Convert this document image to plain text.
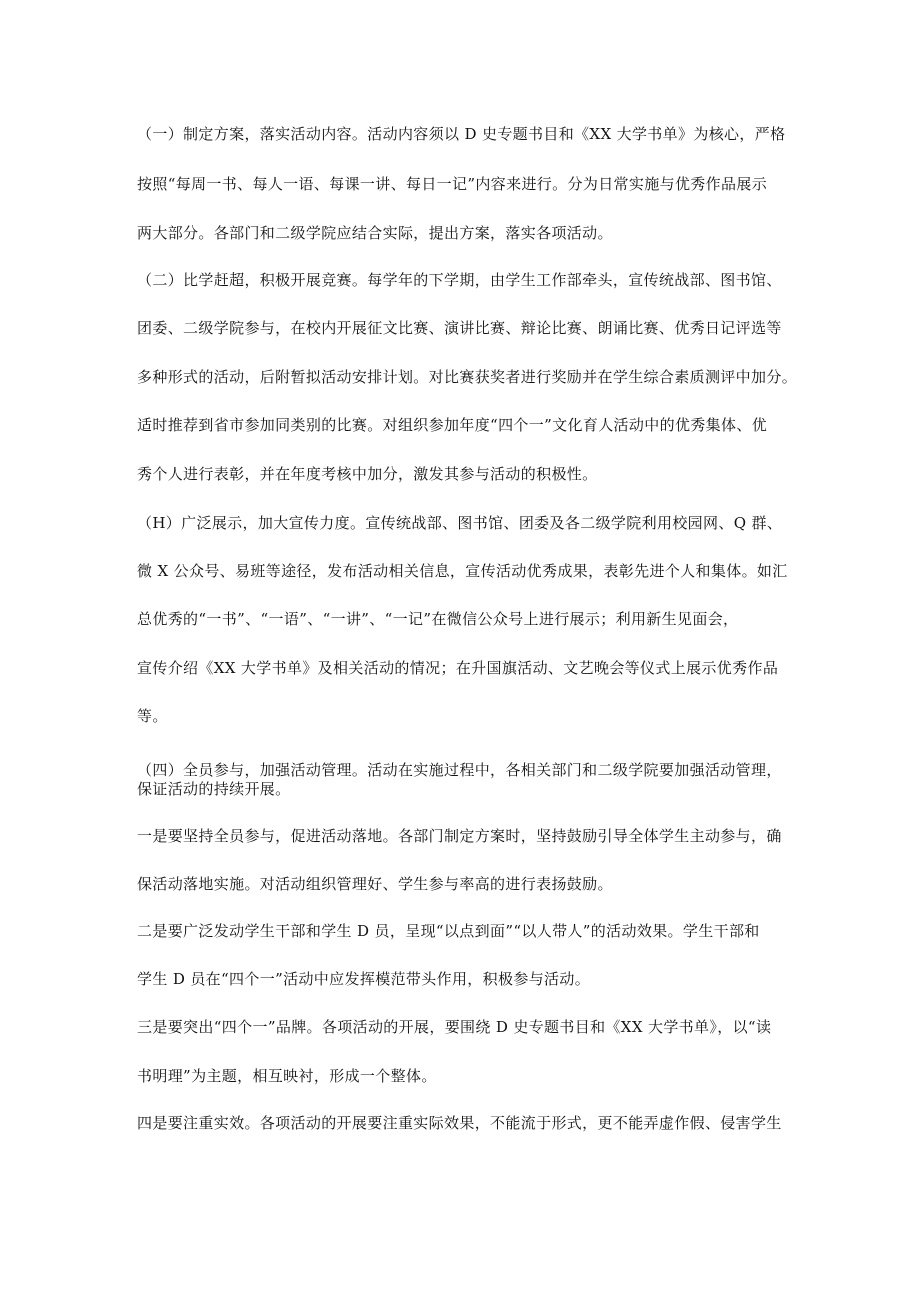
（一）制定方案，落实活动内容。活动内容须以 D 史专题书目和《XX 大学书单》为核心，严格
按照“每周一书、每人一语、每课一讲、每日一记”内容来进行。分为日常实施与优秀作品展示
两大部分。各部门和二级学院应结合实际，提出方案，落实各项活动。
（二）比学赶超，积极开展竞赛。每学年的下学期，由学生工作部牵头，宣传统战部、图书馆、
团委、二级学院参与，在校内开展征文比赛、演讲比赛、辩论比赛、朗诵比赛、优秀日记评选等
多种形式的活动，后附暂拟活动安排计划。对比赛获奖者进行奖励并在学生综合素质测评中加分。
适时推荐到省市参加同类别的比赛。对组织参加年度“四个一”文化育人活动中的优秀集体、优
秀个人进行表彰，并在年度考核中加分，激发其参与活动的积极性。
（H）广泛展示，加大宣传力度。宣传统战部、图书馆、团委及各二级学院利用校园网、Q 群、
微 X 公众号、易班等途径，发布活动相关信息，宣传活动优秀成果，表彰先进个人和集体。如汇
总优秀的“一书”、“一语”、“一讲”、“一记”在微信公众号上进行展示；利用新生见面会，
宣传介绍《XX 大学书单》及相关活动的情况；在升国旗活动、文艺晚会等仪式上展示优秀作品
等。
（四）全员参与，加强活动管理。活动在实施过程中，各相关部门和二级学院要加强活动管理，
保证活动的持续开展。
一是要坚持全员参与，促进活动落地。各部门制定方案时，坚持鼓励引导全体学生主动参与，确
保活动落地实施。对活动组织管理好、学生参与率高的进行表扬鼓励。
二是要广泛发动学生干部和学生 D 员，呈现“以点到面”“以人带人”的活动效果。学生干部和
学生 D 员在“四个一”活动中应发挥模范带头作用，积极参与活动。
三是要突出“四个一”品牌。各项活动的开展，要围绕 D 史专题书目和《XX 大学书单》，以“读
书明理”为主题，相互映衬，形成一个整体。
四是要注重实效。各项活动的开展要注重实际效果，不能流于形式，更不能弄虚作假、侵害学生
